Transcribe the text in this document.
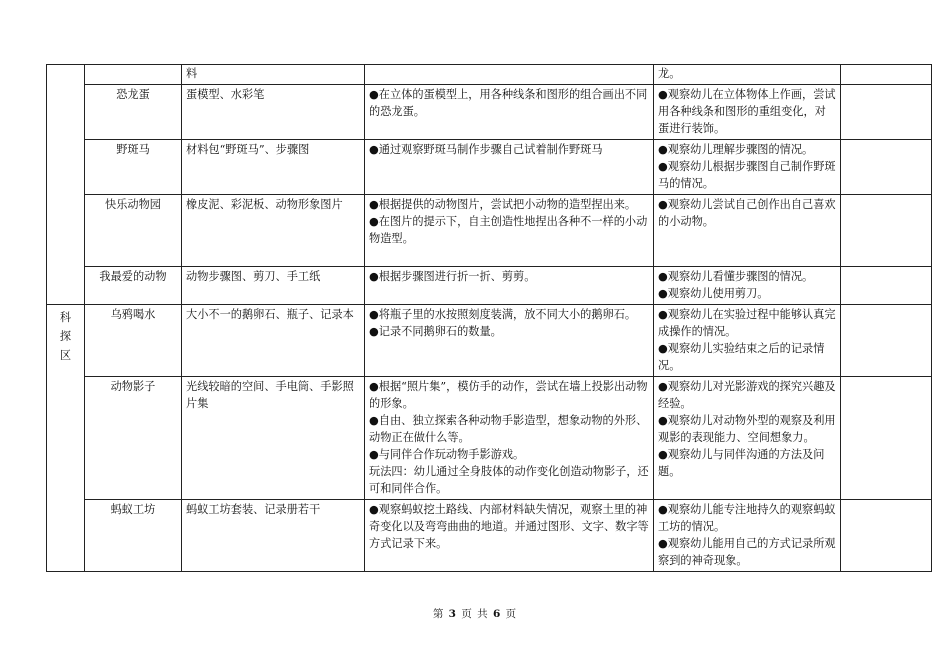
		料		龙。	
	恐龙蛋	蛋模型、水彩笔	●在立体的蛋模型上，用各种线条和图形的组合画出不同的恐龙蛋。	●观察幼儿在立体物体上作画，尝试用各种线条和图形的重组变化，对蛋进行装饰。	

	野斑马	材料包“野斑马”、步骤图	●通过观察野斑马制作步骤自己试着制作野斑马	●观察幼儿理解步骤图的情况。
●观察幼儿根据步骤图自己制作野斑马的情况。	

	快乐动物园	橡皮泥、彩泥板、动物形象图片	●根据提供的动物图片，尝试把小动物的造型捏出来。
●在图片的提示下，自主创造性地捏出各种不一样的小动物造型。	●观察幼儿尝试自己创作出自己喜欢的小动物。	

	我最爱的动物	动物步骤图、剪刀、手工纸	●根据步骤图进行折一折、剪剪。	●观察幼儿看懂步骤图的情况。
●观察幼儿使用剪刀。	

科探区	乌鸦喝水	大小不一的鹅卵石、瓶子、记录本	●将瓶子里的水按照刻度装满，放不同大小的鹅卵石。
●记录不同鹅卵石的数量。	●观察幼儿在实验过程中能够认真完成操作的情况。
●观察幼儿实验结束之后的记录情况。	

	动物影子	光线较暗的空间、手电筒、手影照片集	●根据“照片集”，模仿手的动作，尝试在墙上投影出动物的形象。
●自由、独立探索各种动物手影造型，想象动物的外形、动物正在做什么等。
●与同伴合作玩动物手影游戏。
玩法四：幼儿通过全身肢体的动作变化创造动物影子，还可和同伴合作。	●观察幼儿对光影游戏的探究兴趣及经验。
●观察幼儿对动物外型的观察及利用观影的表现能力、空间想象力。
●观察幼儿与同伴沟通的方法及问题。	

	蚂蚁工坊	蚂蚁工坊套装、记录册若干	●观察蚂蚁挖土路线、内部材料缺失情况，观察土里的神奇变化以及弯弯曲曲的地道。并通过图形、文字、数字等方式记录下来。	●观察幼儿能专注地持久的观察蚂蚁工坊的情况。
●观察幼儿能用自己的方式记录所观察到的神奇现象。	

第 3 页 共 6 页
